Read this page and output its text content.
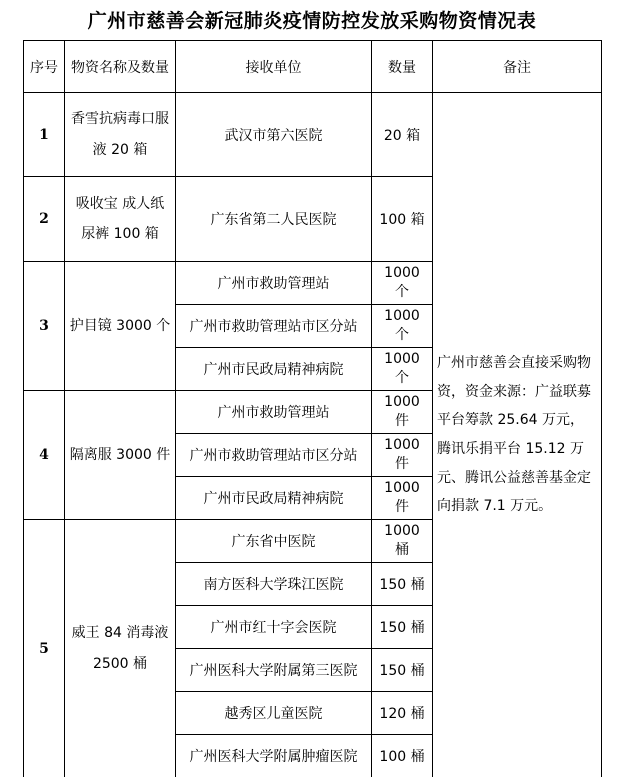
广州市慈善会新冠肺炎疫情防控发放采购物资情况表
序号	物资名称及数量	接收单位	数量	备注
1	香雪抗病毒口服液 20 箱	武汉市第六医院	20 箱	广州市慈善会直接采购物资，资金来源：广益联募平台筹款 25.64 万元，腾讯乐捐平台 15.12 万元、腾讯公益慈善基金定向捐款 7.1 万元。
2	吸收宝 成人纸尿裤 100 箱	广东省第二人民医院	100 箱	
3	护目镜 3000 个	广州市救助管理站	1000 个	
		广州市救助管理站市区分站	1000 个	
		广州市民政局精神病院	1000 个	
4	隔离服 3000 件	广州市救助管理站	1000 件	
		广州市救助管理站市区分站	1000 件	
		广州市民政局精神病院	1000 件	
5	威王 84 消毒液 2500 桶	广东省中医院	1000 桶	
		南方医科大学珠江医院	150 桶	
		广州市红十字会医院	150 桶	
		广州医科大学附属第三医院	150 桶	
		越秀区儿童医院	120 桶	
		广州医科大学附属肿瘤医院	100 桶	
